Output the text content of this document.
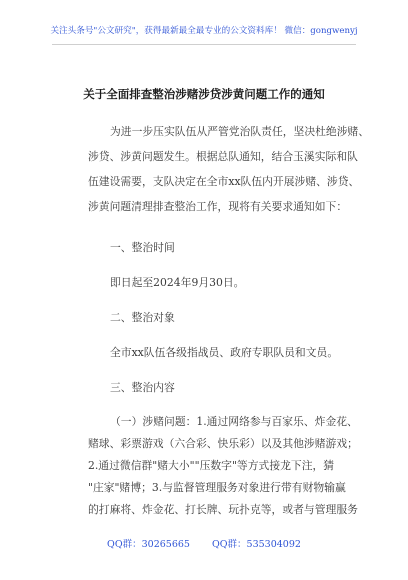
关注头条号"公文研究"，获得最新最全最专业的公文资料库！ 微信：gongwenyj
关于全面排查整治涉赌涉贷涉黄问题工作的通知
为进一步压实队伍从严管党治队责任，坚决杜绝涉赌、
涉贷、涉黄问题发生。根据总队通知，结合玉溪实际和队
伍建设需要，支队决定在全市xx队伍内开展涉赌、涉贷、
涉黄问题清理排查整治工作，现将有关要求通知如下：
一、整治时间
即日起至2024年9月30日。
二、整治对象
全市xx队伍各级指战员、政府专职队员和文员。
三、整治内容
（一）涉赌问题：1.通过网络参与百家乐、炸金花、
赌球、彩票游戏（六合彩、快乐彩）以及其他涉赌游戏；
2.通过微信群"赌大小""压数字"等方式接龙下注，猜
QQ群：30265665 QQ群：535304092
"庄家"赌博；3.与监督管理服务对象进行带有财物输赢
的打麻将、炸金花、打长牌、玩扑克等，或者与管理服务
